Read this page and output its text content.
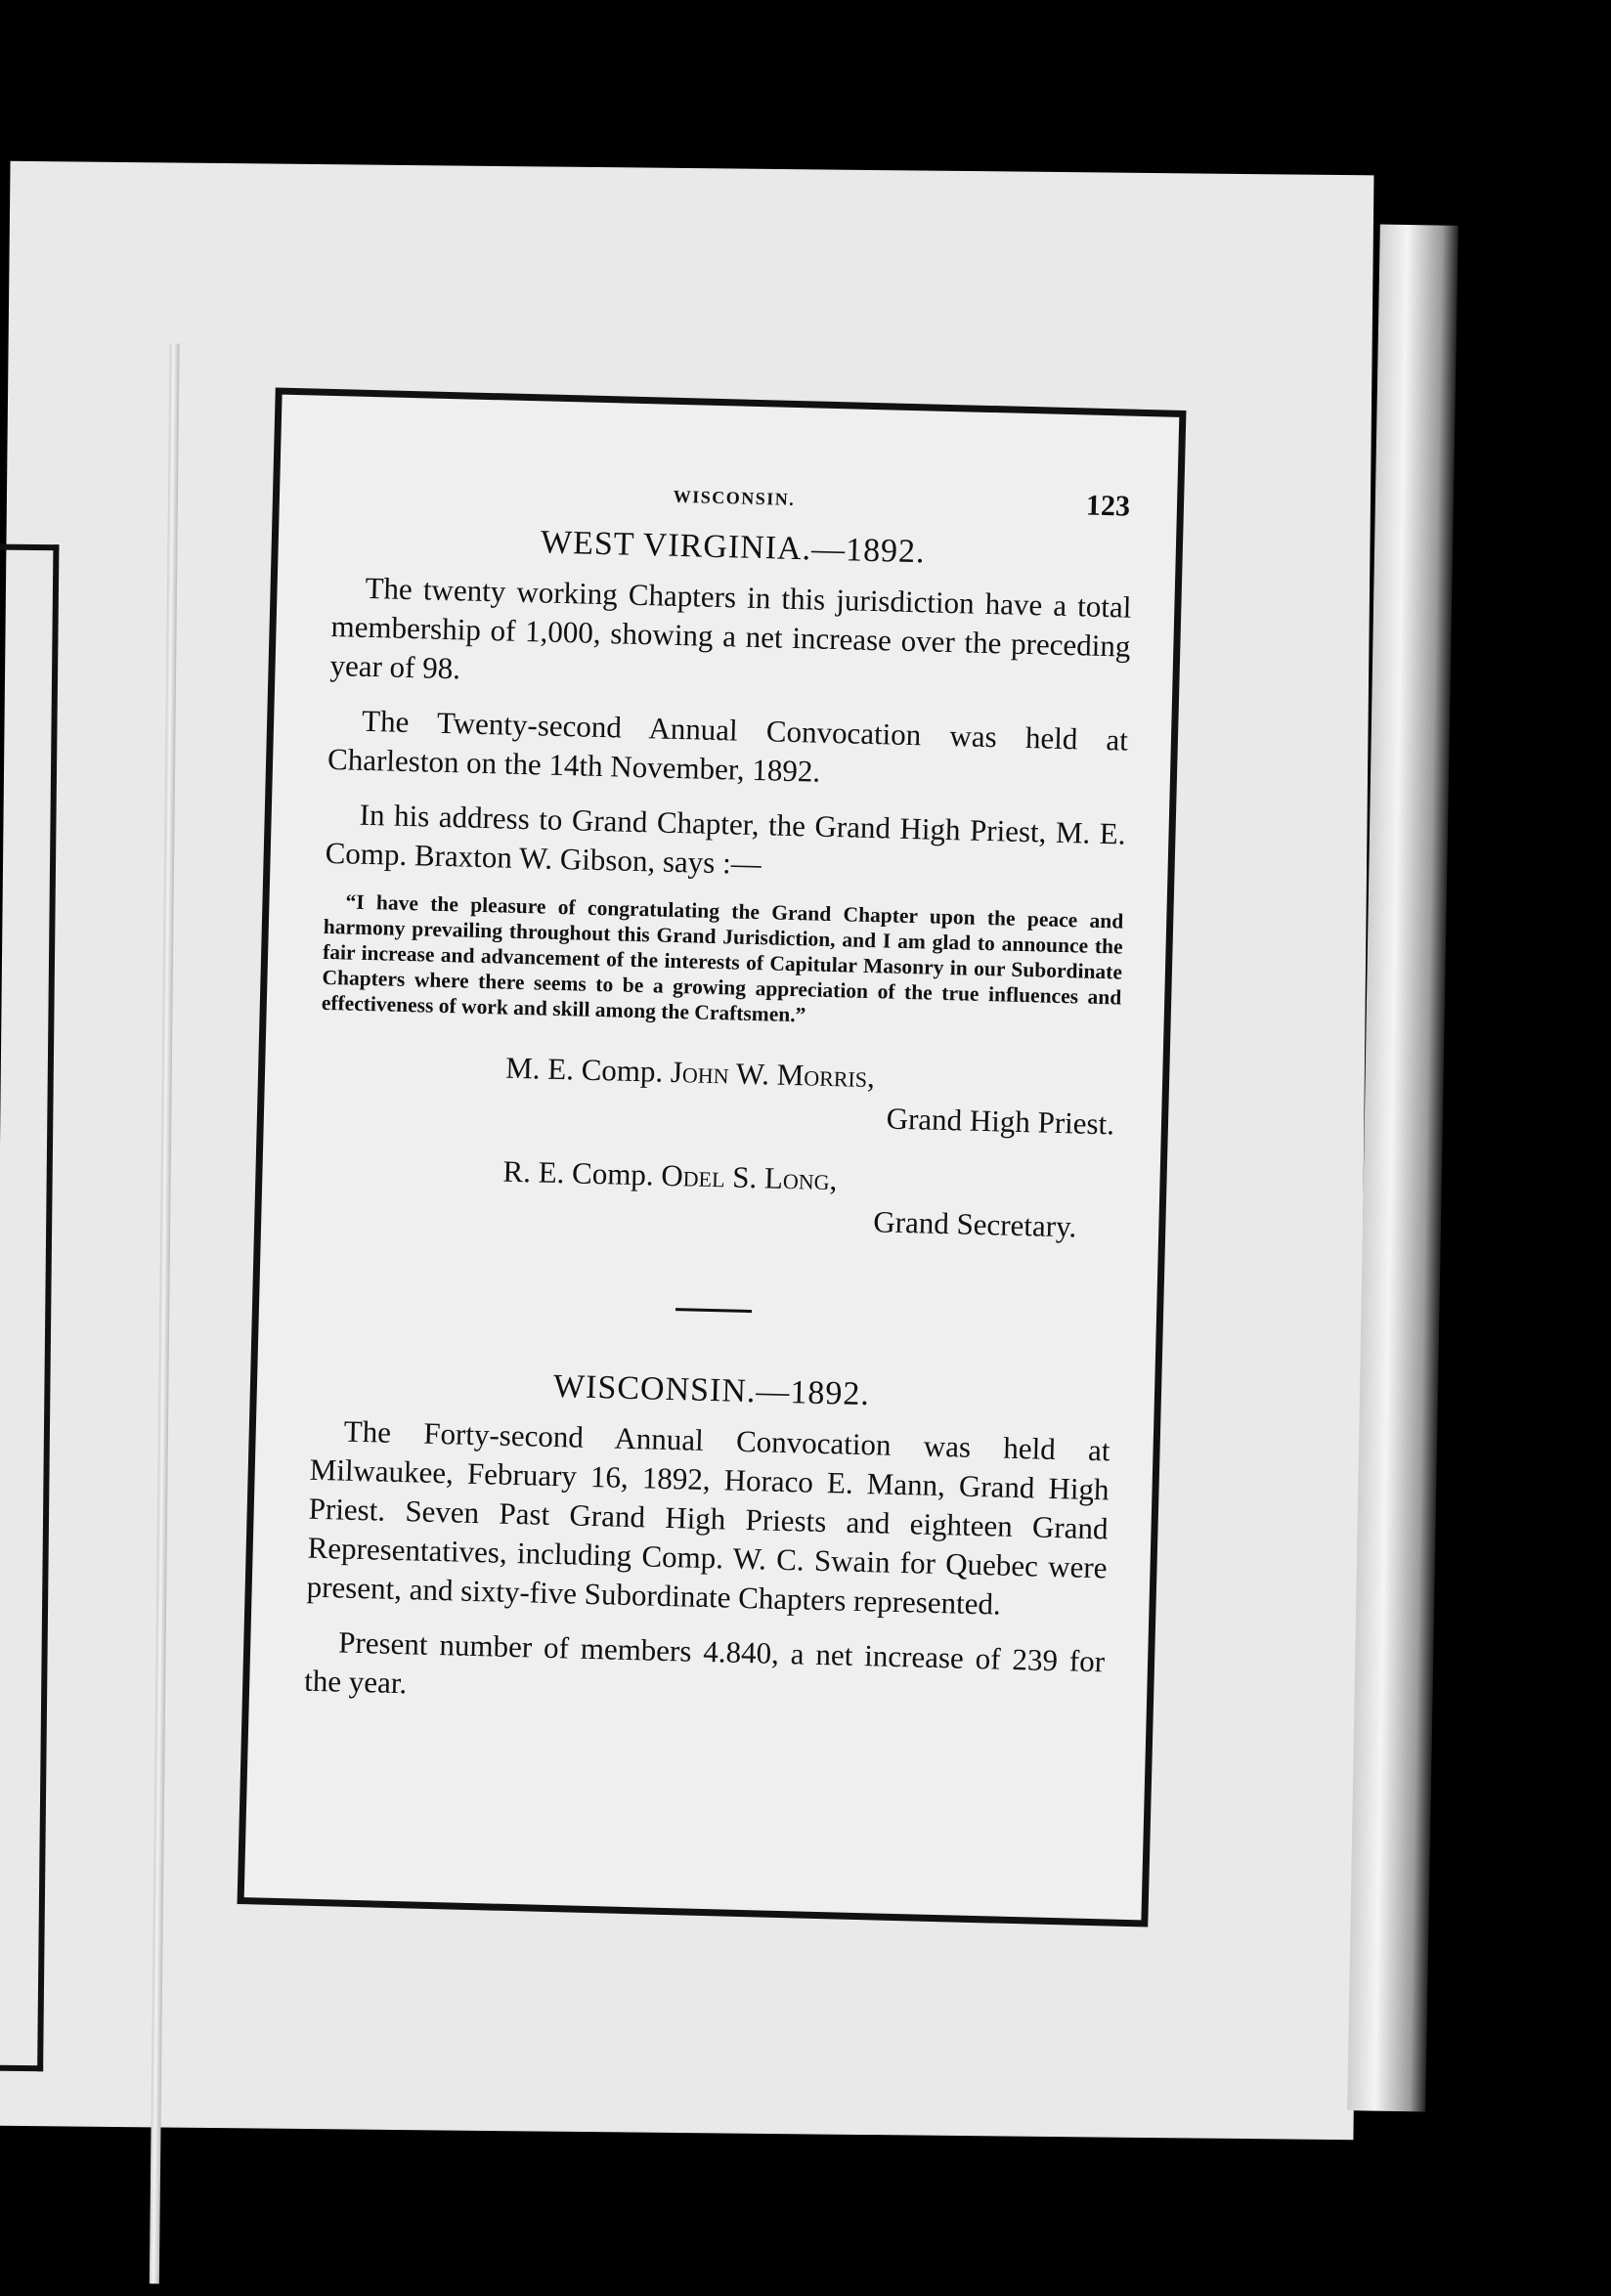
WISCONSIN.	123
WEST VIRGINIA.—1892.

The twenty working Chapters in this jurisdiction have a total membership of 1,000, showing a net increase over the preceding year of 98.

The Twenty-second Annual Convocation was held at Charleston on the 14th November, 1892.

In his address to Grand Chapter, the Grand High Priest, M. E. Comp. Braxton W. Gibson, says :—

“I have the pleasure of congratulating the Grand Chapter upon the peace and harmony prevailing throughout this Grand Jurisdiction, and I am glad to announce the fair increase and advancement of the interests of Capitular Masonry in our Subordinate Chapters where there seems to be a growing appreciation of the true influences and effectiveness of work and skill among the Craftsmen.”

M. E. Comp. John W. Morris,
Grand High Priest.
R. E. Comp. Odel S. Long,
Grand Secretary.
WISCONSIN.—1892.

The Forty-second Annual Convocation was held at Milwaukee, February 16, 1892, Horaco E. Mann, Grand High Priest. Seven Past Grand High Priests and eighteen Grand Representatives, including Comp. W. C. Swain for Quebec were present, and sixty-five Subordinate Chapters represented.

Present number of members 4.840, a net increase of 239 for the year.
